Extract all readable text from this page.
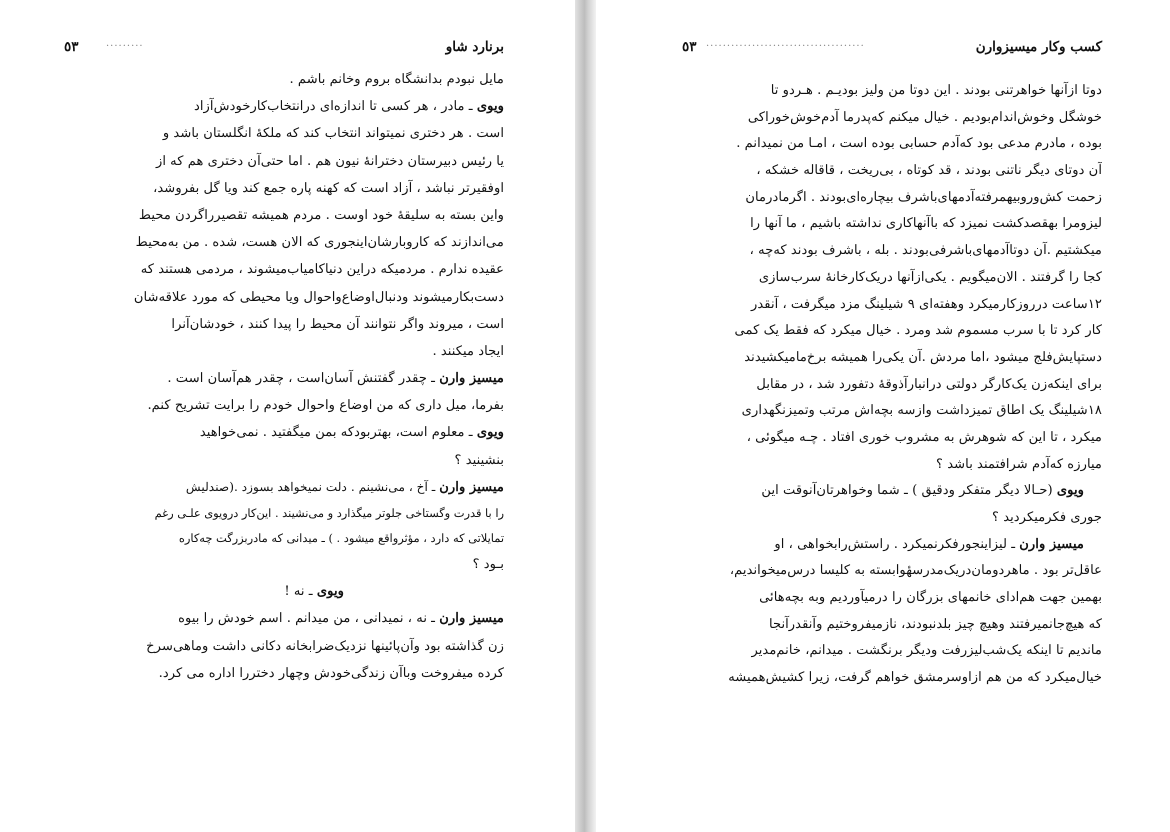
برنارد شاو
·········
٥٣
مایل نبودم بدانشگاه بروم وخانم باشم .
ویوی ـ مادر ، هر کسی تا اندازه‌ای درانتخاب‌کارخودش‌آزاد
است . هر دختری نمیتواند انتخاب کند که ملکهٔ انگلستان باشد و
یا رئیس دبیرستان دخترانهٔ نیون هم . اما حتی‌آن دختری هم که از
اوفقیرتر نباشد ، آزاد است که کهنه پاره جمع کند ویا گل بفروشد،
واین بسته به سلیقهٔ خود اوست . مردم همیشه تقصیرراگردن محیط
می‌اندازند که کاروبارشان‌اینجوری که الان هست، شده . من به‌محیط
عقیده ندارم . مردمیکه دراین دنیاکامیاب‌میشوند ، مردمی هستند که
دست‌بکارمیشوند ودنبال‌اوضاع‌واحوال ویا محیطی که مورد علاقه‌شان
است ، میروند واگر نتوانند آن محیط را پیدا کنند ، خودشان‌آنرا
ایجاد میکنند .
میسیز وارن ـ چقدر گفتنش آسان‌است ، چقدر هم‌آسان است .
بفرما، میل داری که من اوضاع واحوال خودم را برایت تشریح کنم.
ویوی ـ معلوم است، بهتربودکه بمن میگفتید . نمی‌خواهید
بنشینید ؟
میسیز وارن ـ آخ ، می‌نشینم . دلت نمیخواهد بسوزد .(صندلیش
را با قدرت وگستاخی جلوتر میگذارد و می‌نشیند . این‌کار درویوی علـی رغم
تمایلاتی که دارد ، مؤثرواقع میشود . ) ـ میدانی که مادربزرگت چه‌کاره
بـود ؟
ویوی ـ نه !
میسیز وارن ـ نه ، نمیدانی ، من میدانم . اسم خودش را بیوه
زن گذاشته بود وآن‌پائینها نزدیک‌ضرابخانه دکانی داشت وماهی‌سرخ
کرده میفروخت وباآن زندگی‌خودش وچهار دختررا اداره می کرد.
کسب وکار میسیزوارن
······································
٥٣
دوتا ازآنها خواهرتنی بودند . این دوتا من ولیز بودیـم . هـردو تا
خوشگل وخوش‌اندام‌بودیم . خیال میکنم که‌پدرما آدم‌خوش‌خوراکی
بوده ، مادرم مدعی بود که‌آدم حسابی بوده است ، امـا من نمیدانم .
آن دوتای دیگر ناتنی بودند ، قد کوتاه ، بی‌ریخت ، قاقاله خشکه ،
زحمت کش‌ورو‌بیهمرفته‌آدمهای‌باشرف بیچاره‌ای‌بودند . اگرما‌درمان
لیزومرا بهقصدکشت نمیزد که باآنهاکاری نداشته باشیم ، ما آنها را
میکشتیم .آن دوتا‌آدمهای‌باشرفی‌بودند . بله ، باشرف بودند که‌چه ،
کجا را گرفتند . الان‌میگویم . یکی‌ازآنها دریک‌کارخانهٔ سرب‌سازی
۱۲ساعت درروزکارمیکرد وهفته‌ای ۹ شیلینگ مزد میگرفت ، آنقدر
کار کرد تا با سرب مسموم شد ومرد . خیال میکرد که فقط یک کمی
دستپایش‌فلج میشود ،اما مردش .آن یکی‌را همیشه برخ‌مامیکشیدند
برای اینکه‌زن یک‌کارگر دولتی درانبارآذوقهٔ دتفورد شد ، در مقابل
۱۸شیلینگ یک اطاق تمیزداشت وازسه بچه‌اش مرتب وتمیزنگهداری
میکرد ، تا این که شوهرش به مشروب خوری افتاد . چـه میگوئی ،
میارزه که‌آدم شرافتمند باشد ؟
ویوی (حـالا دیگر متفکر ودقیق ) ـ شما وخواهرتان‌آنوقت این
جوری فکرمیکردید ؟
میسیز وارن ـ لیزاینجورفکرنمیکرد . راستش‌رابخواهی ، او
عاقل‌تر بود . ماهردومان‌دریک‌مدرسهٔوابسته به کلیسا درس‌میخواندیم،
بهمین جهت هم‌ادای خانمهای بزرگان را درمیآوردیم وبه بچه‌هائی
که هیچ‌جانمیرفتند وهیچ چیز بلدنبودند، نازمیفروختیم وآنقدرآنجا
ماندیم تا اینکه یک‌شب‌لیزرفت ودیگر برنگشت . میدانم، خانم‌مدیر
خیال‌میکرد که من هم ازاوسرمشق خواهم گرفت، زیرا کشیش‌همیشه
